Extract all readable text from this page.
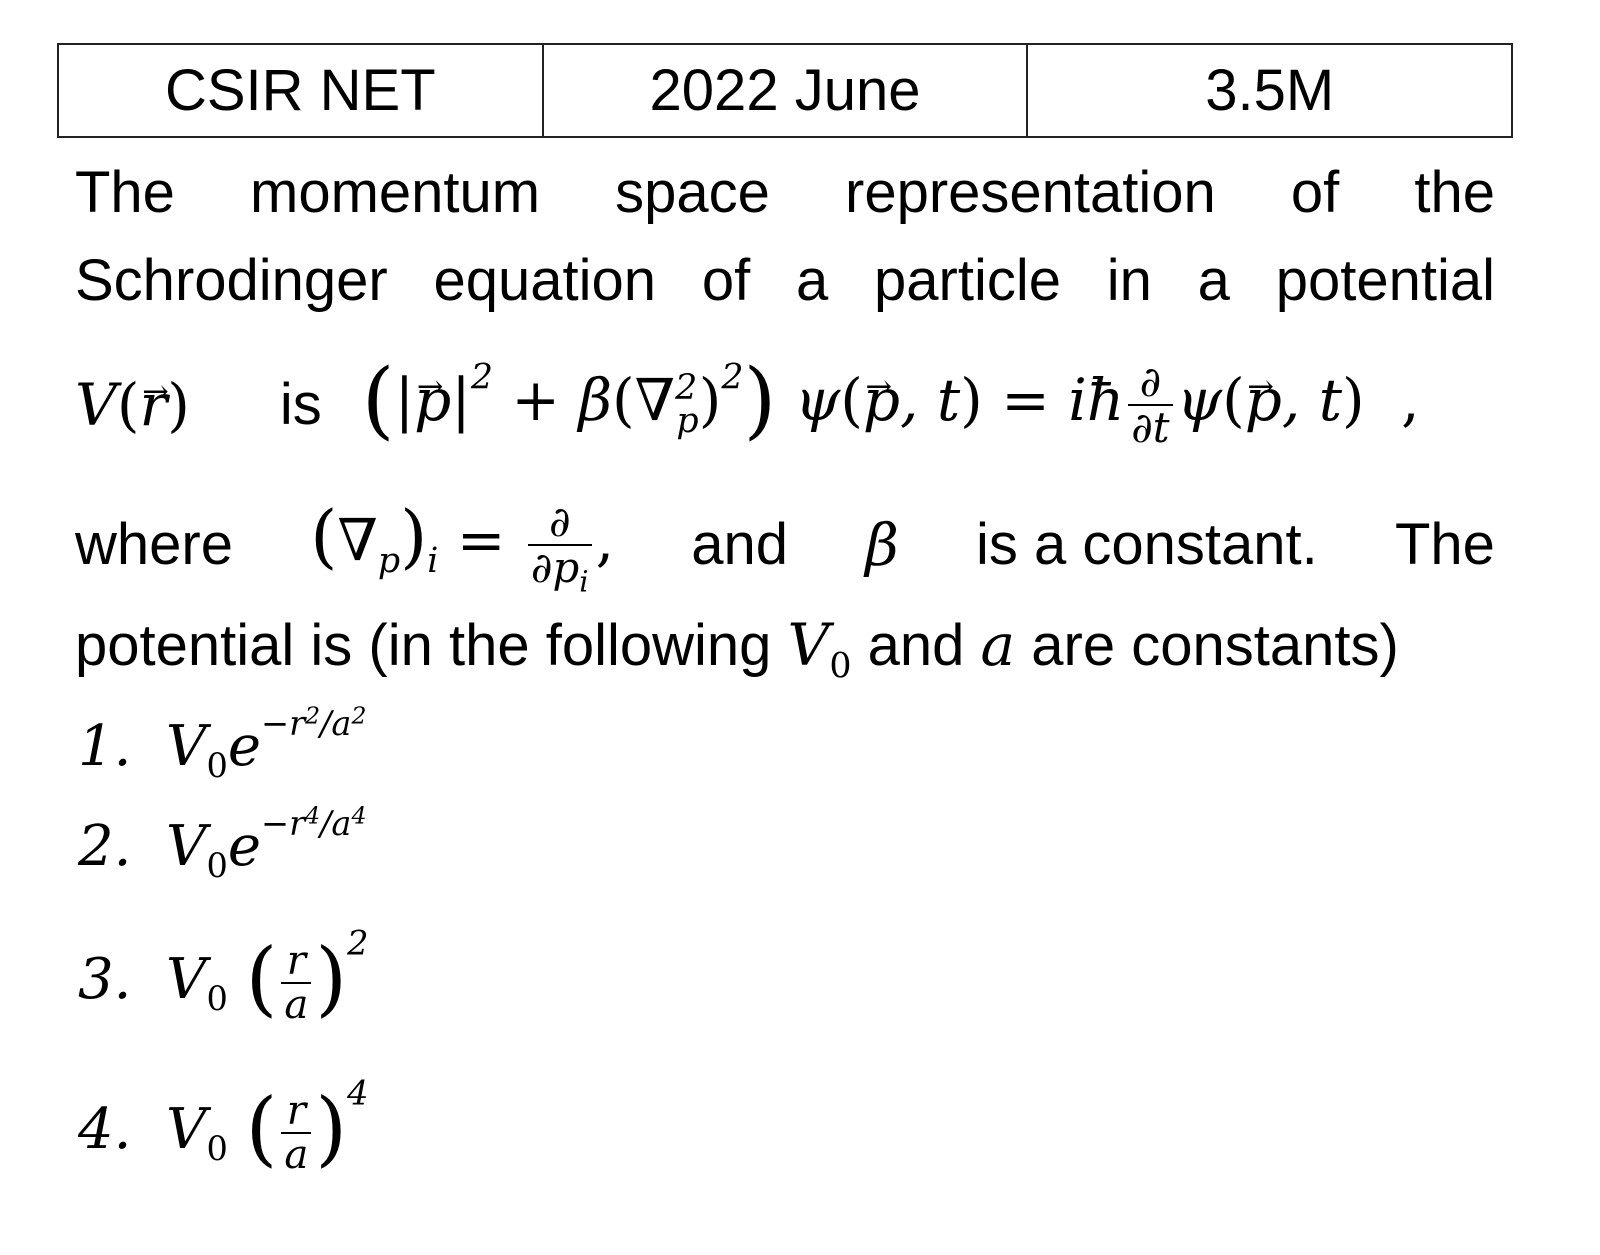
CSIR NET	2022 June	3.5M
The momentum space representation of the
Schrodinger equation of a particle in a potential
V(→ r) is (|→ $p|^2 + \beta(\nabla^2_p)^2$) ψ(→ p, t) = iħ $\frac{\partial}{\partial t} \psi(\to p$, t) ,
where $(\nabla_p)_i = \frac{\partial}{\partial p_i}$ , and β is a constant. The
potential is (in the following $V_0$ and a are constants)
1. $V_0e^{-r^2/a^2}$
2. $V_0e^{-r^4/a^4}$
3. $V_0$ ( $\frac{r}{a} )^2$
4. $V_0$ ( $\frac{r}{a} )^4$
